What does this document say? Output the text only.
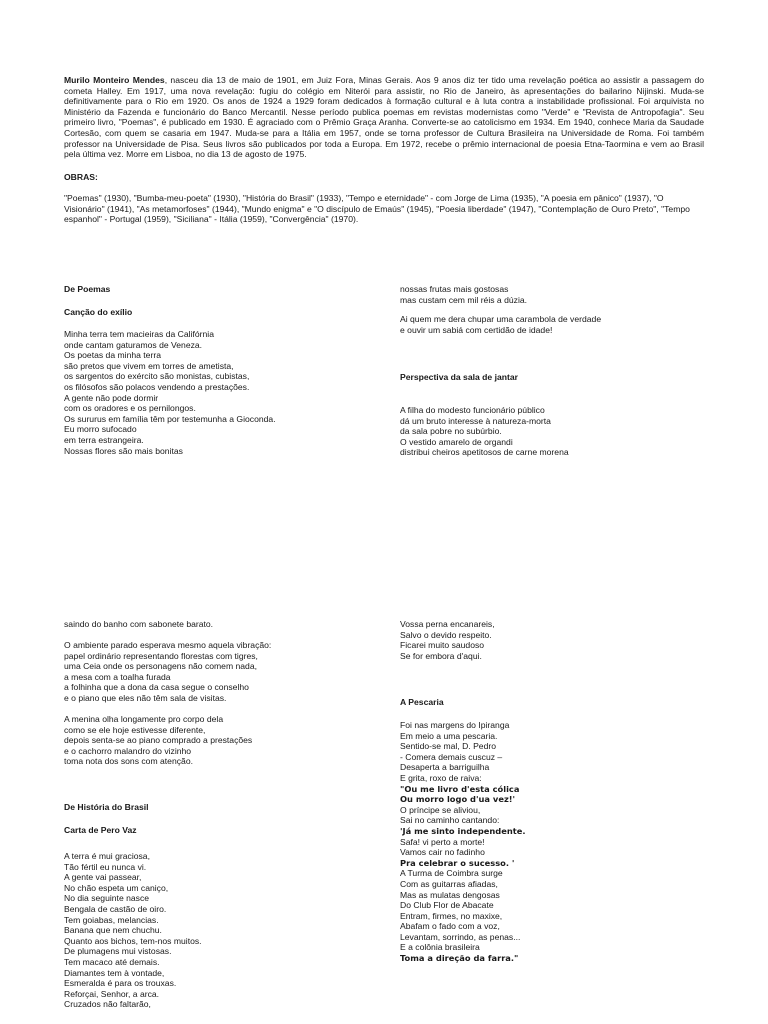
Murilo Monteiro Mendes, nasceu dia 13 de maio de 1901, em Juiz Fora, Minas Gerais. Aos 9 anos diz ter tido uma revelação poética ao assistir a passagem do cometa Halley. Em 1917, uma nova revelação: fugiu do colégio em Niterói para assistir, no Rio de Janeiro, às apresentações do bailarino Nijinski. Muda-se definitivamente para o Rio em 1920. Os anos de 1924 a 1929 foram dedicados à formação cultural e à luta contra a instabilidade profissional. Foi arquivista no Ministério da Fazenda e funcionário do Banco Mercantil. Nesse período publica poemas em revistas modernistas como "Verde" e "Revista de Antropofagia". Seu primeiro livro, "Poemas", é publicado em 1930. É agraciado com o Prêmio Graça Aranha. Converte-se ao catolicismo em 1934. Em 1940, conhece Maria da Saudade Cortesão, com quem se casaria em 1947. Muda-se para a Itália em 1957, onde se torna professor de Cultura Brasileira na Universidade de Roma. Foi também professor na Universidade de Pisa. Seus livros são publicados por toda a Europa. Em 1972, recebe o prêmio internacional de poesia Etna-Taormina e vem ao Brasil pela última vez. Morre em Lisboa, no dia 13 de agosto de 1975.

OBRAS:
"Poemas" (1930), "Bumba-meu-poeta" (1930), "História do Brasil" (1933), "Tempo e eternidade" - com Jorge de Lima (1935), "A poesia em pânico" (1937), "O Visionário" (1941), "As metamorfoses" (1944), "Mundo enigma" e "O discípulo de Emaús" (1945), "Poesia liberdade" (1947), "Contemplação de Ouro Preto", "Tempo espanhol" - Portugal (1959), "Siciliana" - Itália (1959), "Convergência" (1970).
De Poemas
Canção do exílio
Minha terra tem macieiras da Califórnia
onde cantam gaturamos de Veneza.
Os poetas da minha terra
são pretos que vivem em torres de ametista,
os sargentos do exército são monistas, cubistas,
os filósofos são polacos vendendo a prestações.
A gente não pode dormir
com os oradores e os pernilongos.
Os sururus em família têm por testemunha a Gioconda.
Eu morro sufocado
em terra estrangeira.
Nossas flores são mais bonitas
nossas frutas mais gostosas
mas custam cem mil réis a dúzia.
Ai quem me dera chupar uma carambola de verdade
e ouvir um sabiá com certidão de idade!
Perspectiva da sala de jantar
A filha do modesto funcionário público
dá um bruto interesse à natureza-morta
da sala pobre no subúrbio.
O vestido amarelo de organdi
distribui cheiros apetitosos de carne morena
saindo do banho com sabonete barato.
O ambiente parado esperava mesmo aquela vibração:
papel ordinário representando florestas com tigres,
uma Ceia onde os personagens não comem nada,
a mesa com a toalha furada
a folhinha que a dona da casa segue o conselho
e o piano que eles não têm sala de visitas.
A menina olha longamente pro corpo dela
como se ele hoje estivesse diferente,
depois senta-se ao piano comprado a prestações
e o cachorro malandro do vizinho
toma nota dos sons com atenção.
De História do Brasil
Carta de Pero Vaz
A terra é mui graciosa,
Tão fértil eu nunca vi.
A gente vai passear,
No chão espeta um caniço,
No dia seguinte nasce
Bengala de castão de oiro.
Tem goiabas, melancias.
Banana que nem chuchu.
Quanto aos bichos, tem-nos muitos.
De plumagens mui vistosas.
Tem macaco até demais.
Diamantes tem à vontade,
Esmeralda é para os trouxas.
Reforçai, Senhor, a arca.
Cruzados não faltarão,
Vossa perna encanareis,
Salvo o devido respeito.
Ficarei muito saudoso
Se for embora d'aqui.
A Pescaria
Foi nas margens do Ipiranga
Em meio a uma pescaria.
Sentido-se mal, D. Pedro
- Comera demais cuscuz –
Desaperta a barriguilha
E grita, roxo de raiva:
"Ou me livro d'esta cólica
Ou morro logo d'ua vez!'
O príncipe se aliviou,
Sai no caminho cantando:
'Já me sinto independente.
Safa! vi perto a morte!
Vamos cair no fadinho
Pra celebrar o sucesso. '
A Turma de Coimbra surge
Com as guitarras afiadas,
Mas as mulatas dengosas
Do Club Flor de Abacate
Entram, firmes, no maxixe,
Abafam o fado com a voz,
Levantam, sorrindo, as penas...
E a colônia brasileira
Toma a direção da farra."
